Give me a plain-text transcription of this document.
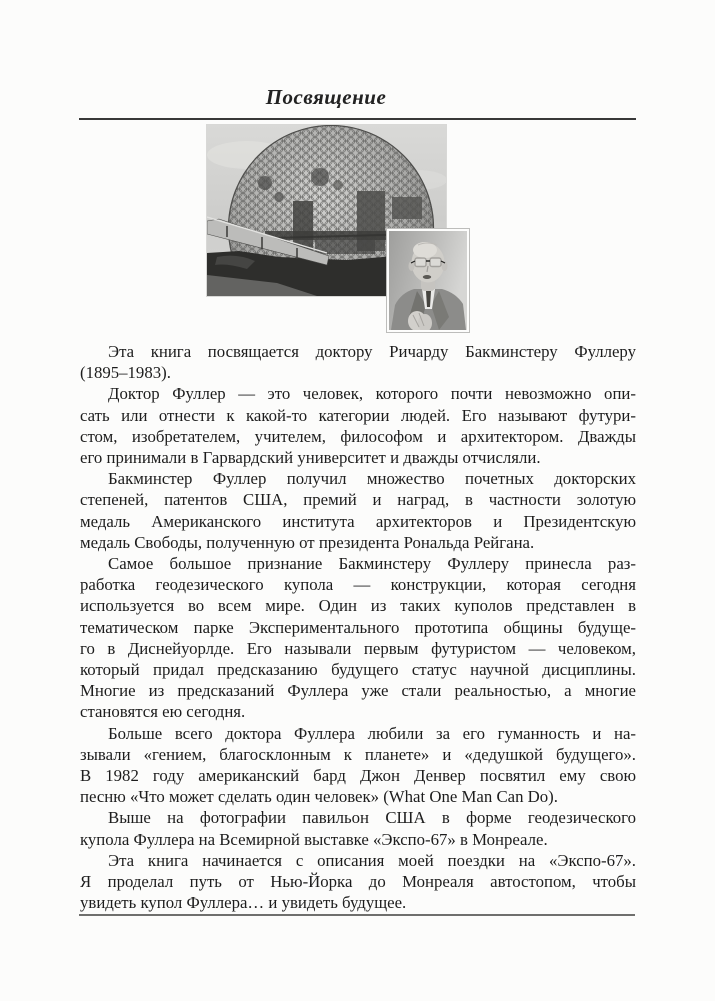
Посвящение

Эта книга посвящается доктору Ричарду Бакминстеру Фуллеру
(1895–1983).

Доктор Фуллер — это человек, которого почти невозможно опи-
сать или отнести к какой-то категории людей. Его называют футури-
стом, изобретателем, учителем, философом и архитектором. Дважды
его принимали в Гарвардский университет и дважды отчисляли.

Бакминстер Фуллер получил множество почетных докторских
степеней, патентов США, премий и наград, в частности золотую
медаль Американского института архитекторов и Президентскую
медаль Свободы, полученную от президента Рональда Рейгана.

Самое большое признание Бакминстеру Фуллеру принесла раз-
работка геодезического купола — конструкции, которая сегодня
используется во всем мире. Один из таких куполов представлен в
тематическом парке Экспериментального прототипа общины будуще-
го в Диснейуорлде. Его называли первым футуристом — человеком,
который придал предсказанию будущего статус научной дисциплины.
Многие из предсказаний Фуллера уже стали реальностью, а многие
становятся ею сегодня.

Больше всего доктора Фуллера любили за его гуманность и на-
зывали «гением, благосклонным к планете» и «дедушкой будущего».
В 1982 году американский бард Джон Денвер посвятил ему свою
песню «Что может сделать один человек» (What One Man Can Do).

Выше на фотографии павильон США в форме геодезического
купола Фуллера на Всемирной выставке «Экспо-67» в Монреале.

Эта книга начинается с описания моей поездки на «Экспо-67».
Я проделал путь от Нью-Йорка до Монреаля автостопом, чтобы
увидеть купол Фуллера… и увидеть будущее.
